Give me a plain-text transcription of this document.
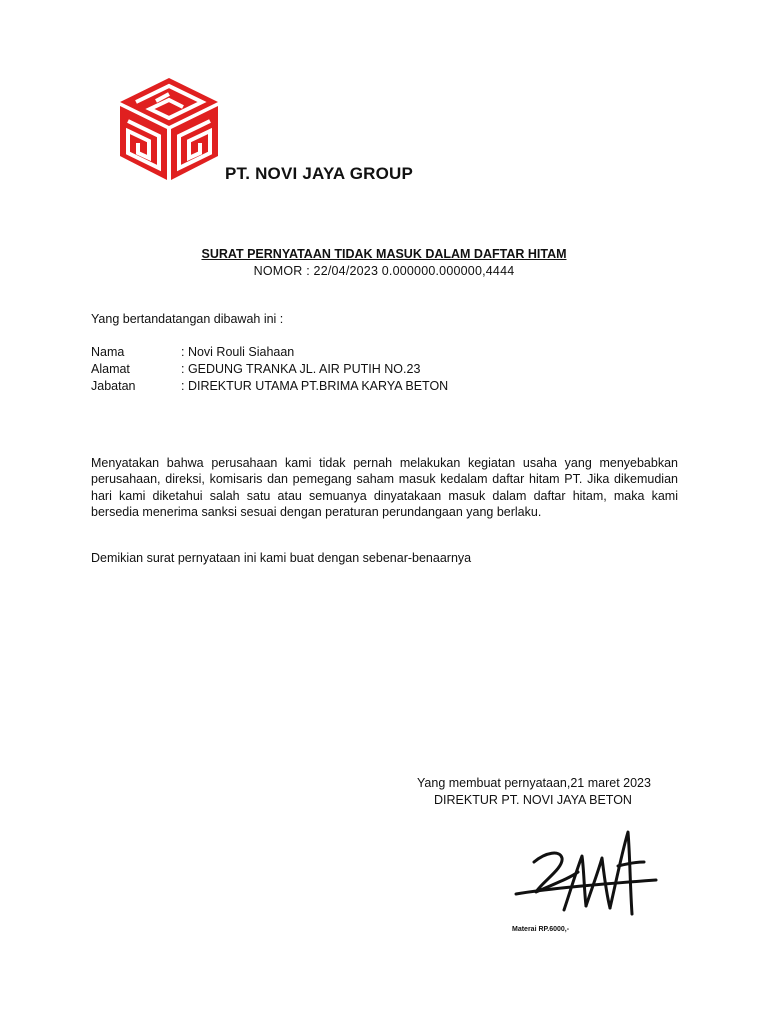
PT. NOVI JAYA GROUP
SURAT PERNYATAAN TIDAK MASUK DALAM DAFTAR HITAM
NOMOR : 22/04/2023 0.000000.000000,4444
Yang bertandatangan dibawah ini :
Nama	: Novi Rouli Siahaan
Alamat	: GEDUNG TRANKA JL. AIR PUTIH NO.23
Jabatan	: DIREKTUR UTAMA PT.BRIMA KARYA BETON
Menyatakan bahwa perusahaan kami tidak pernah melakukan kegiatan usaha yang menyebabkan perusahaan, direksi, komisaris dan pemegang saham masuk kedalam daftar hitam PT. Jika dikemudian hari kami diketahui salah satu atau semuanya dinyatakaan masuk dalam daftar hitam, maka kami bersedia menerima sanksi sesuai dengan peraturan perundangaan yang berlaku.
Demikian surat pernyataan ini kami buat dengan sebenar-benaarnya
Yang membuat pernyataan,21 maret 2023
DIREKTUR PT. NOVI JAYA BETON
Materai RP.6000,-
